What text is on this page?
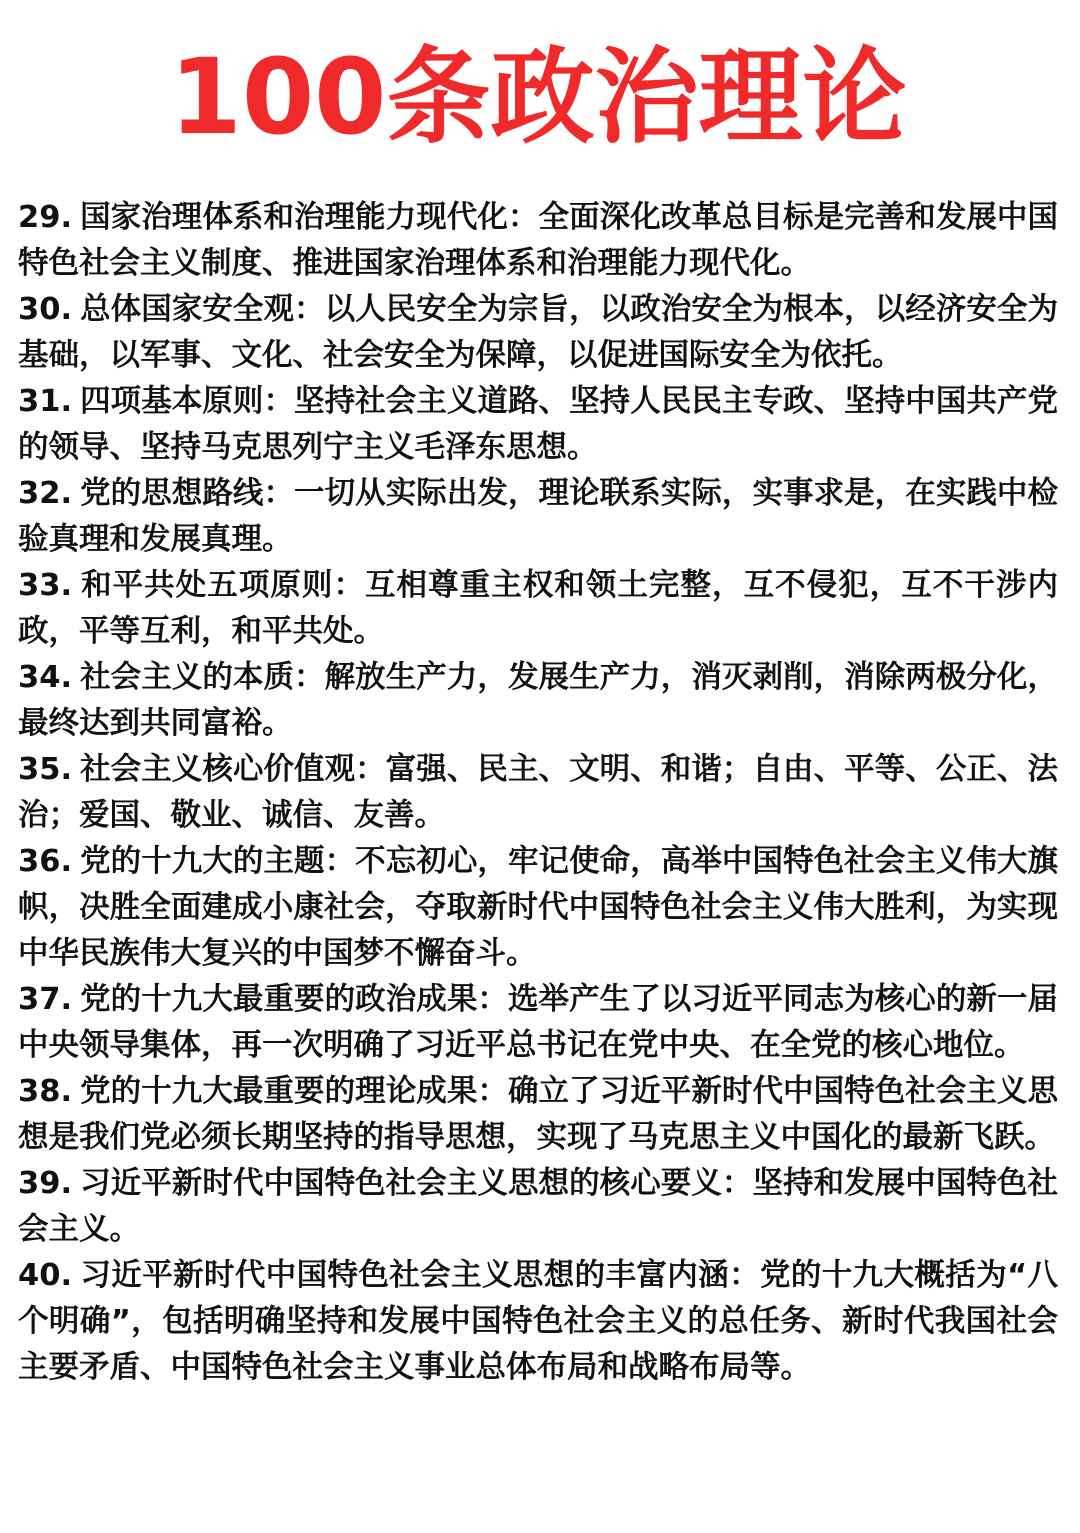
100条政治理论
29. 国家治理体系和治理能力现代化：全面深化改革总目标是完善和发展中国特色社会主义制度、推进国家治理体系和治理能力现代化。
30. 总体国家安全观：以人民安全为宗旨，以政治安全为根本，以经济安全为基础，以军事、文化、社会安全为保障，以促进国际安全为依托。
31. 四项基本原则：坚持社会主义道路、坚持人民民主专政、坚持中国共产党的领导、坚持马克思列宁主义毛泽东思想。
32. 党的思想路线：一切从实际出发，理论联系实际，实事求是，在实践中检验真理和发展真理。
33. 和平共处五项原则：互相尊重主权和领土完整，互不侵犯，互不干涉内政，平等互利，和平共处。
34. 社会主义的本质：解放生产力，发展生产力，消灭剥削，消除两极分化，最终达到共同富裕。
35. 社会主义核心价值观：富强、民主、文明、和谐；自由、平等、公正、法治；爱国、敬业、诚信、友善。
36. 党的十九大的主题：不忘初心，牢记使命，高举中国特色社会主义伟大旗帜，决胜全面建成小康社会，夺取新时代中国特色社会主义伟大胜利，为实现中华民族伟大复兴的中国梦不懈奋斗。
37. 党的十九大最重要的政治成果：选举产生了以习近平同志为核心的新一届中央领导集体，再一次明确了习近平总书记在党中央、在全党的核心地位。
38. 党的十九大最重要的理论成果：确立了习近平新时代中国特色社会主义思想是我们党必须长期坚持的指导思想，实现了马克思主义中国化的最新飞跃。
39. 习近平新时代中国特色社会主义思想的核心要义：坚持和发展中国特色社会主义。
40. 习近平新时代中国特色社会主义思想的丰富内涵：党的十九大概括为“八个明确”，包括明确坚持和发展中国特色社会主义的总任务、新时代我国社会主要矛盾、中国特色社会主义事业总体布局和战略布局等。
